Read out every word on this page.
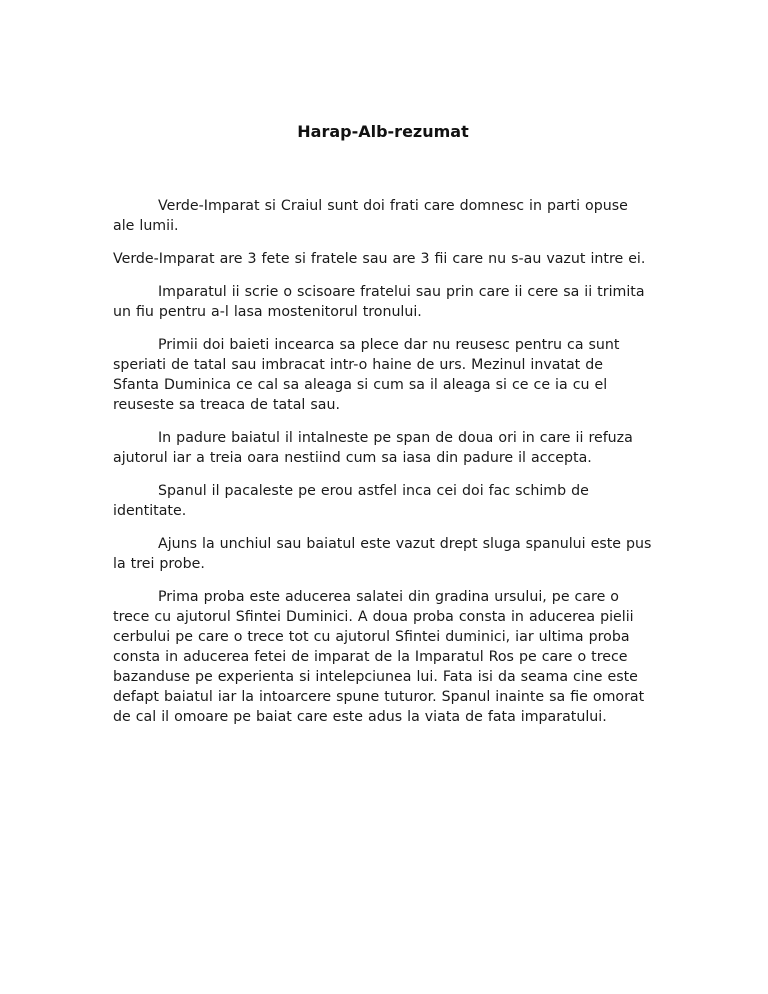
Harap-Alb-rezumat

Verde-Imparat si Craiul sunt doi frati care domnesc in parti opuse ale lumii.

Verde-Imparat are 3 fete si fratele sau are 3 fii care nu s-au vazut intre ei.

Imparatul ii scrie o scisoare fratelui sau prin care ii cere sa ii trimita un fiu pentru a-l lasa mostenitorul tronului.

Primii doi baieti incearca sa plece dar nu reusesc pentru ca sunt speriati de tatal sau imbracat intr-o haine de urs. Mezinul invatat de Sfanta Duminica ce cal sa aleaga si cum sa il aleaga si ce ce ia cu el reuseste sa treaca de tatal sau.

In padure baiatul il intalneste pe span de doua ori in care ii refuza ajutorul iar a treia oara nestiind cum sa iasa din padure il accepta.

Spanul il pacaleste pe erou astfel inca cei doi fac schimb de identitate.

Ajuns la unchiul sau baiatul este vazut drept sluga spanului este pus la trei probe.

Prima proba este aducerea salatei din gradina ursului, pe care o trece cu ajutorul Sfintei Duminici. A doua proba consta in aducerea pielii cerbului pe care o trece tot cu ajutorul Sfintei duminici, iar ultima proba consta in aducerea fetei de imparat de la Imparatul Ros pe care o trece bazanduse pe experienta si intelepciunea lui. Fata isi da seama cine este defapt baiatul iar la intoarcere spune tuturor. Spanul inainte sa fie omorat de cal il omoare pe baiat care este adus la viata de fata imparatului.
